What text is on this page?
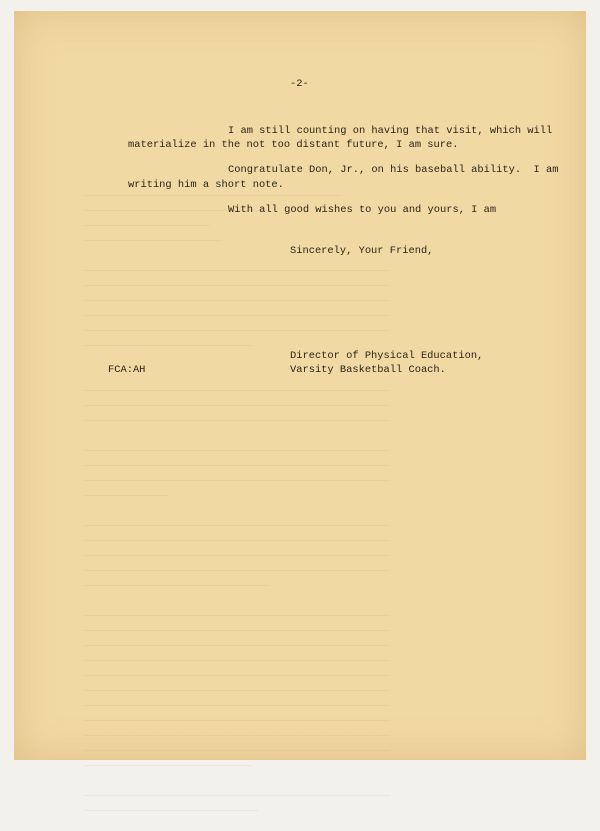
___________________________________________
_______________________________
_____________________
_______________________

___________________________________________________
___________________________________________________
___________________________________________________
___________________________________________________
___________________________________________________
____________________________

___________________________________________________
___________________________________________________
___________________________________________________

___________________________________________________
___________________________________________________
___________________________________________________
______________

___________________________________________________
___________________________________________________
___________________________________________________
___________________________________________________
_______________________________

___________________________________________________
___________________________________________________
___________________________________________________
___________________________________________________
___________________________________________________
___________________________________________________
___________________________________________________
___________________________________________________
___________________________________________________
___________________________________________________
____________________________

___________________________________________________
_____________________________

-2-

I am still counting on having that visit, which will

materialize in the not too distant future, I am sure.

Congratulate Don, Jr., on his baseball ability.  I am

writing him a short note.

With all good wishes to you and yours, I am

Sincerely, Your Friend,

Director of Physical Education,

Varsity Basketball Coach.

FCA:AH
